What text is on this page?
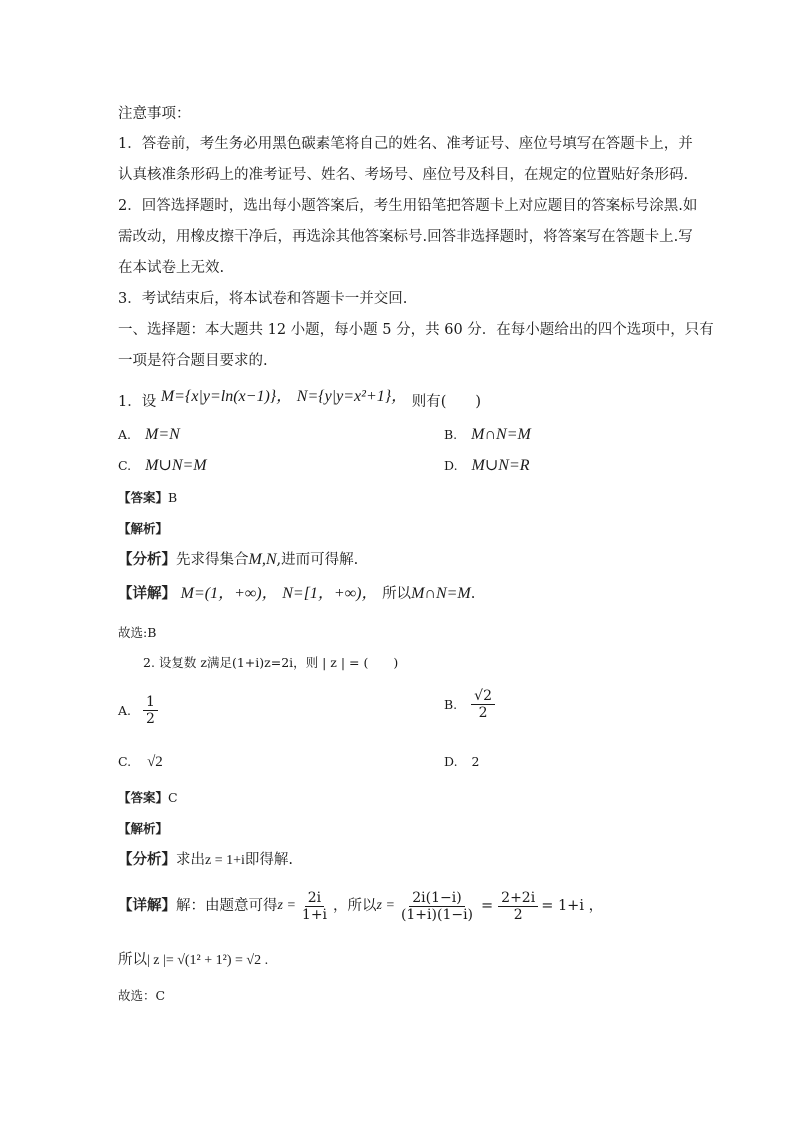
注意事项：
1．答卷前，考生务必用黑色碳素笔将自己的姓名、准考证号、座位号填写在答题卡上，并
认真核准条形码上的准考证号、姓名、考场号、座位号及科目，在规定的位置贴好条形码.
2．回答选择题时，选出每小题答案后，考生用铅笔把答题卡上对应题目的答案标号涂黑.如
需改动，用橡皮擦干净后，再选涂其他答案标号.回答非选择题时，将答案写在答题卡上.写
在本试卷上无效.
3．考试结束后，将本试卷和答题卡一并交回.
一、选择题：本大题共 12 小题，每小题 5 分，共 60 分．在每小题给出的四个选项中，只有
一项是符合题目要求的.
1．设 M={x|y=ln(x−1)}， N={y|y=x²+1}， 则有(　　)
A. M=N	B. M∩N=M
C. M∪N=M	D. M∪N=R
【答案】B
【解析】
【分析】先求得集合M,N,进而可得解.
【详解】 M=(1，+∞)， N=[1，+∞)， 所以M∩N=M.
故选:B
2. 设复数 z满足(1+i)z=2i，则 | z | = (　　)
A. $\frac{1}{2}$	B. $\frac{√2}{2}$
C. √2	D. 2
【答案】C
【解析】
【分析】求出z = 1+i即得解.
【详解】 解：由题意可得 $z = \frac{2i}{1+i}$ ，所以 $z = \frac{2i(1-i)}{(1+i)(1-i)} = \frac{2+2i}{2} = 1+i$ ，
所以| z |= √(1² + 1²) = √2 .
故选：C
